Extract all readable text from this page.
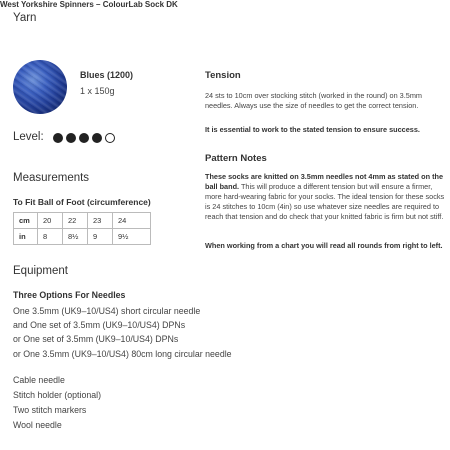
Yarn
West Yorkshire Spinners – ColourLab Sock DK
Blues (1200)
1 x 150g
Level:
Measurements
To Fit Ball of Foot (circumference)
cm	20	22	23	24
in	8	8½	9	9½
Equipment
Three Options For Needles
One 3.5mm (UK9–10/US4) short circular needle
and One set of 3.5mm (UK9–10/US4) DPNs
or One set of 3.5mm (UK9–10/US4) DPNs
or One 3.5mm (UK9–10/US4) 80cm long circular needle
Cable needle
Stitch holder (optional)
Two stitch markers
Wool needle
Tension
24 sts to 10cm over stocking stitch (worked in the round) on 3.5mm needles. Always use the size of needles to get the correct tension.
It is essential to work to the stated tension to ensure success.
Pattern Notes
These socks are knitted on 3.5mm needles not 4mm as stated on the ball band. This will produce a different tension but will ensure a firmer, more hard-wearing fabric for your socks. The ideal tension for these socks is 24 stitches to 10cm (4in) so use whatever size needles are required to reach that tension and do check that your knitted fabric is firm but not stiff.
When working from a chart you will read all rounds from right to left.
